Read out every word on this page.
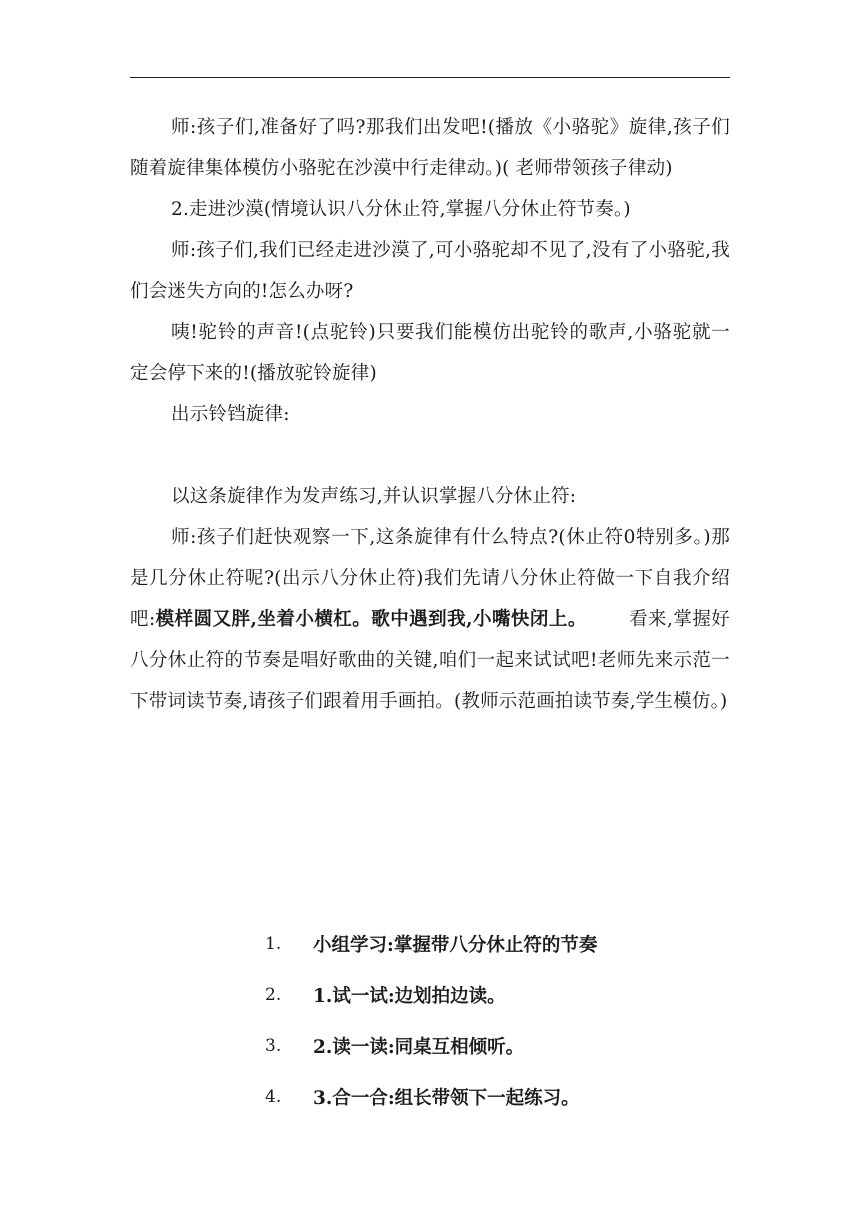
师:孩子们,准备好了吗?那我们出发吧!(播放《小骆驼》旋律,孩子们随着旋律集体模仿小骆驼在沙漠中行走律动。)( 老师带领孩子律动)

2.走进沙漠(情境认识八分休止符,掌握八分休止符节奏。)

师:孩子们,我们已经走进沙漠了,可小骆驼却不见了,没有了小骆驼,我们会迷失方向的!怎么办呀?

咦!驼铃的声音!(点驼铃)只要我们能模仿出驼铃的歌声,小骆驼就一定会停下来的!(播放驼铃旋律)

出示铃铛旋律:

以这条旋律作为发声练习,并认识掌握八分休止符:

师:孩子们赶快观察一下,这条旋律有什么特点?(休止符0特别多。)那是几分休止符呢?(出示八分休止符)我们先请八分休止符做一下自我介绍吧:模样圆又胖,坐着小横杠。歌中遇到我,小嘴快闭上。 看来,掌握好八分休止符的节奏是唱好歌曲的关键,咱们一起来试试吧!老师先来示范一下带词读节奏,请孩子们跟着用手画拍。(教师示范画拍读节奏,学生模仿。)

1.	小组学习:掌握带八分休止符的节奏
2.	1.试一试:边划拍边读。
3.	2.读一读:同桌互相倾听。
4.	3.合一合:组长带领下一起练习。
